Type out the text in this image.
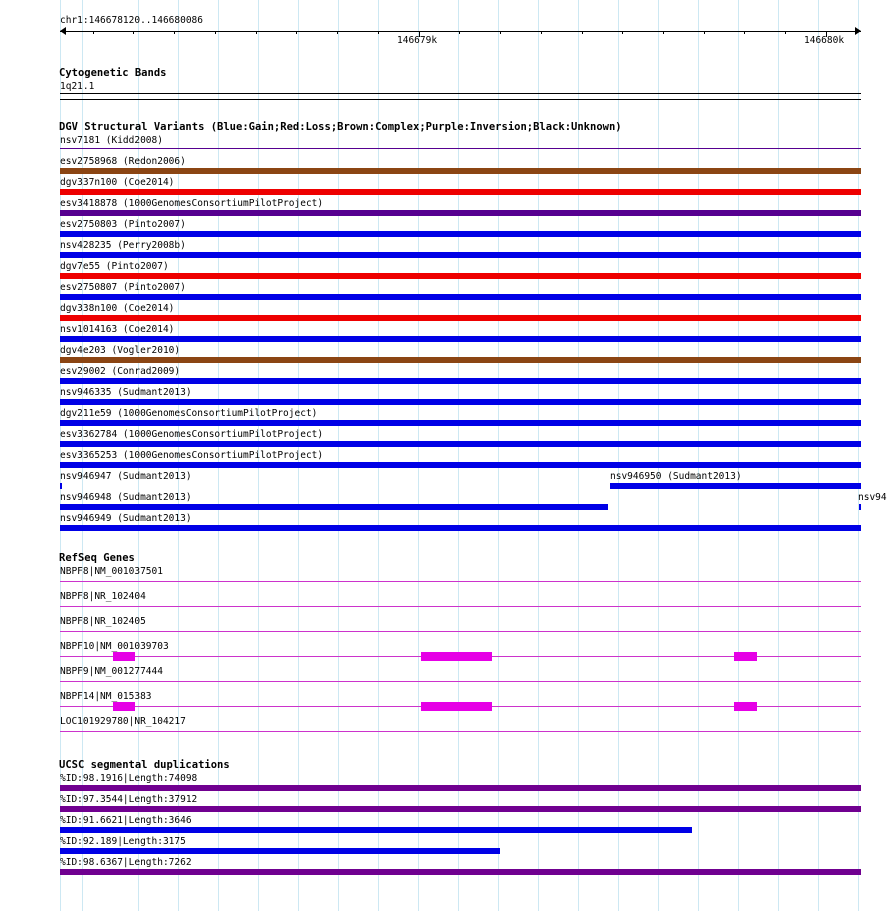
chr1:146678120..146680086
146679k	146680k
Cytogenetic Bands
1q21.1
DGV Structural Variants (Blue:Gain;Red:Loss;Brown:Complex;Purple:Inversion;Black:Unknown)
nsv7181 (Kidd2008)
esv2758968 (Redon2006)
dgv337n100 (Coe2014)
esv3418878 (1000GenomesConsortiumPilotProject)
esv2750803 (Pinto2007)
nsv428235 (Perry2008b)
dgv7e55 (Pinto2007)
esv2750807 (Pinto2007)
dgv338n100 (Coe2014)
nsv1014163 (Coe2014)
dgv4e203 (Vogler2010)
esv29002 (Conrad2009)
nsv946335 (Sudmant2013)
dgv211e59 (1000GenomesConsortiumPilotProject)
esv3362784 (1000GenomesConsortiumPilotProject)
esv3365253 (1000GenomesConsortiumPilotProject)
nsv946947 (Sudmant2013)	nsv946950 (Sudmant2013)
nsv946948 (Sudmant2013)	nsv94
nsv946949 (Sudmant2013)
RefSeq Genes
NBPF8|NM_001037501
NBPF8|NR_102404
NBPF8|NR_102405
NBPF10|NM_001039703
NBPF9|NM_001277444
NBPF14|NM_015383
LOC101929780|NR_104217
UCSC segmental duplications
%ID:98.1916|Length:74098
%ID:97.3544|Length:37912
%ID:91.6621|Length:3646
%ID:92.189|Length:3175
%ID:98.6367|Length:7262
